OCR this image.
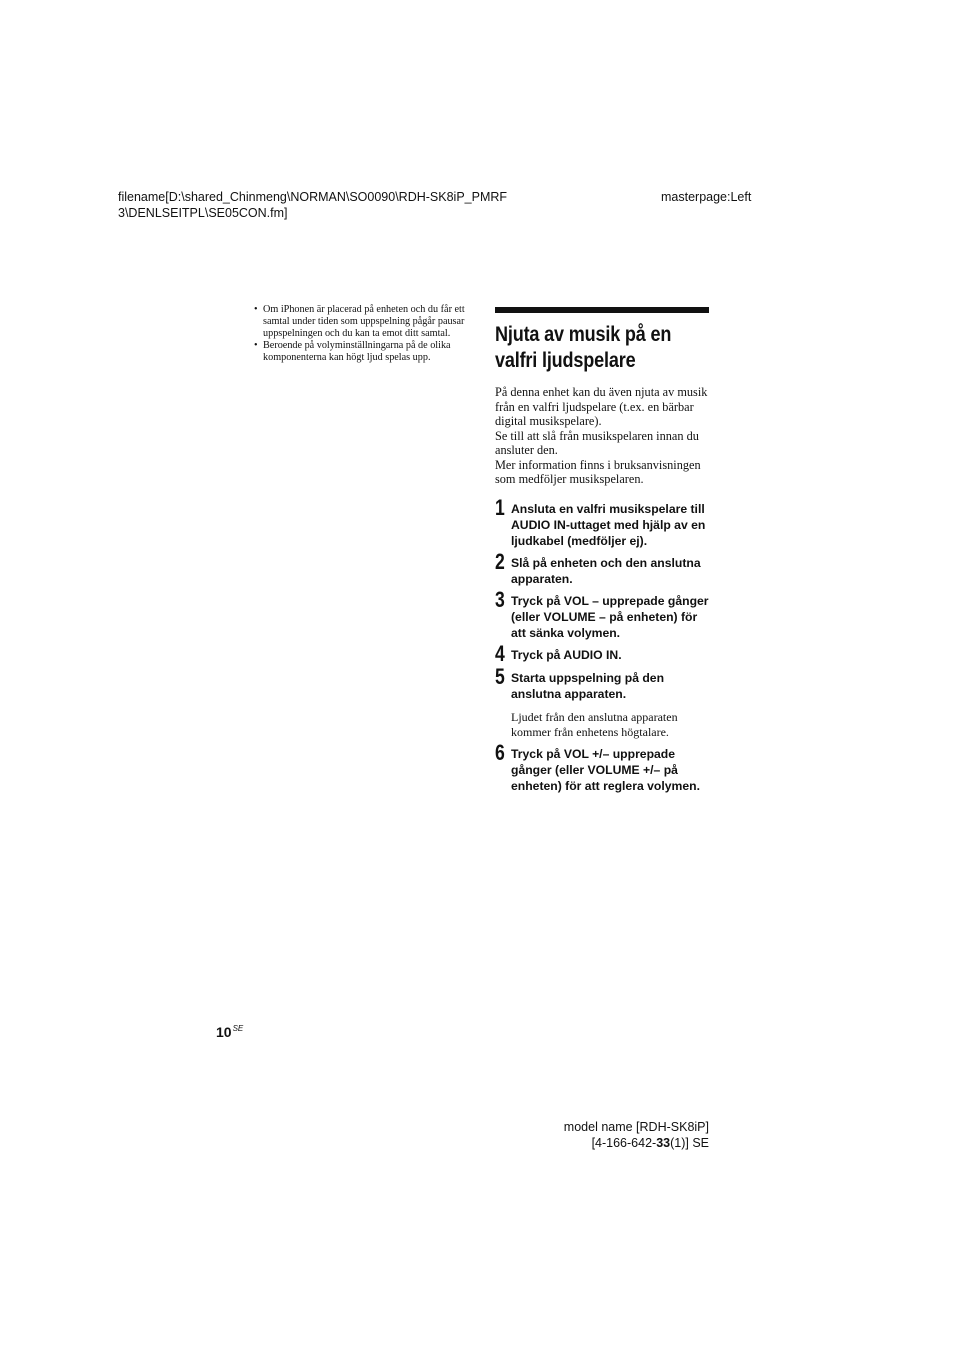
filename[D:\shared_Chinmeng\NORMAN\SO0090\RDH-SK8iP_PMRF
3\DENLSEITPL\SE05CON.fm]
masterpage:Left

• Om iPhonen är placerad på enheten och du får ett samtal under tiden som uppspelning pågår pausar uppspelningen och du kan ta emot ditt samtal.

• Beroende på volyminställningarna på de olika komponenterna kan högt ljud spelas upp.

Njuta av musik på en
valfri ljudspelare

På denna enhet kan du även njuta av musik från en valfri ljudspelare (t.ex. en bärbar digital musikspelare).

Se till att slå från musikspelaren innan du ansluter den.

Mer information finns i bruksanvisningen som medföljer musikspelaren.

1 Ansluta en valfri musikspelare till AUDIO IN-uttaget med hjälp av en ljudkabel (medföljer ej).

2 Slå på enheten och den anslutna apparaten.

3 Tryck på VOL – upprepade gånger (eller VOLUME – på enheten) för att sänka volymen.

4 Tryck på AUDIO IN.

5 Starta uppspelning på den anslutna apparaten.

Ljudet från den anslutna apparaten kommer från enhetens högtalare.

6 Tryck på VOL +/– upprepade gånger (eller VOLUME +/– på enheten) för att reglera volymen.

$10^{SE}$
model name [RDH-SK8iP]
[4-166-642-33(1)] SE
